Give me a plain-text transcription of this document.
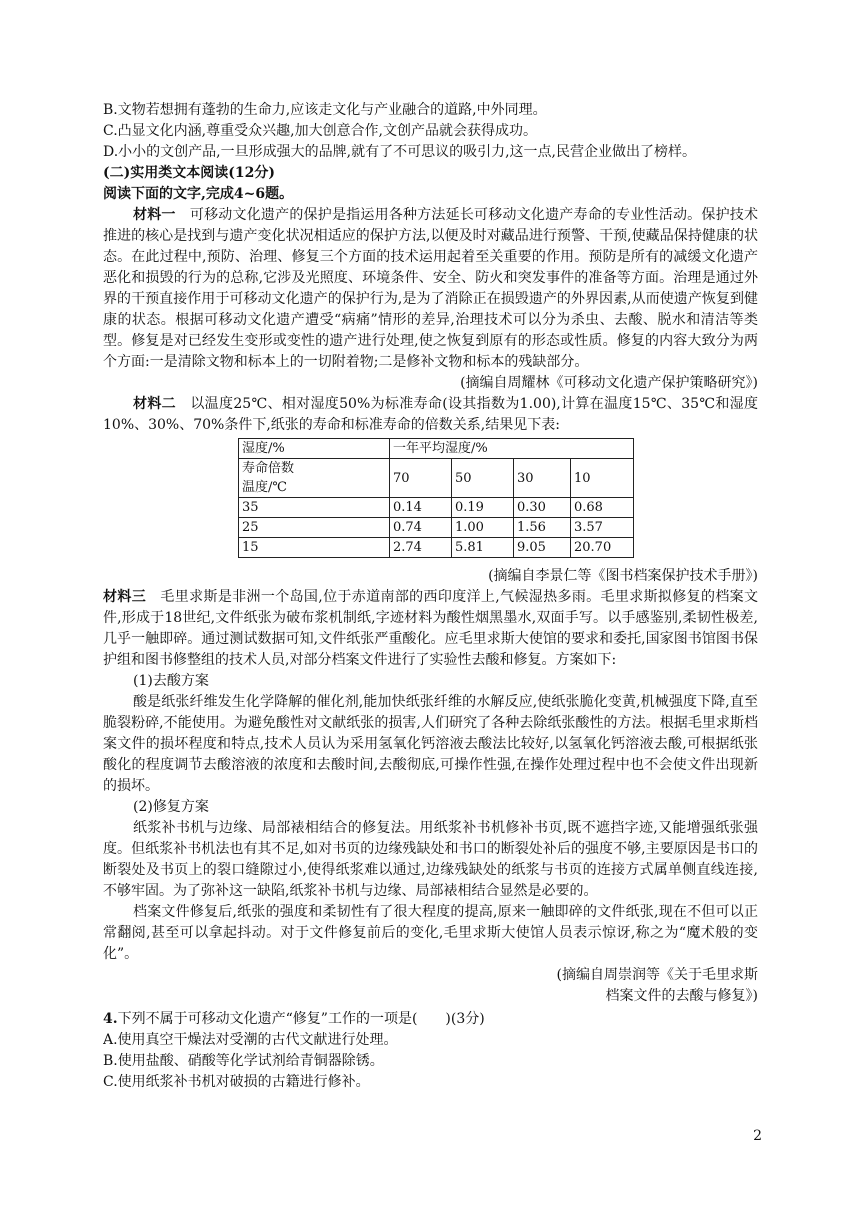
B.文物若想拥有蓬勃的生命力,应该走文化与产业融合的道路,中外同理。
C.凸显文化内涵,尊重受众兴趣,加大创意合作,文创产品就会获得成功。
D.小小的文创产品,一旦形成强大的品牌,就有了不可思议的吸引力,这一点,民营企业做出了榜样。
(二)实用类文本阅读(12分)
阅读下面的文字,完成4~6题。
材料一　 可移动文化遗产的保护是指运用各种方法延长可移动文化遗产寿命的专业性活动。保护技术推进的核心是找到与遗产变化状况相适应的保护方法,以便及时对藏品进行预警、干预,使藏品保持健康的状态。在此过程中,预防、治理、修复三个方面的技术运用起着至关重要的作用。预防是所有的减缓文化遗产恶化和损毁的行为的总称,它涉及光照度、环境条件、安全、防火和突发事件的准备等方面。治理是通过外界的干预直接作用于可移动文化遗产的保护行为,是为了消除正在损毁遗产的外界因素,从而使遗产恢复到健康的状态。根据可移动文化遗产遭受“病痛”情形的差异,治理技术可以分为杀虫、去酸、脱水和清洁等类型。修复是对已经发生变形或变性的遗产进行处理,使之恢复到原有的形态或性质。修复的内容大致分为两个方面:一是清除文物和标本上的一切附着物;二是修补文物和标本的残缺部分。
(摘编自周耀林《可移动文化遗产保护策略研究》)
材料二　 以温度25℃、相对湿度50%为标准寿命(设其指数为1.00),计算在温度15℃、35℃和湿度10%、30%、70%条件下,纸张的寿命和标准寿命的倍数关系,结果见下表:
湿度/%	一年平均湿度/%			

寿命倍数
温度/℃	70	50	30	10
35	0.14	0.19	0.30	0.68
25	0.74	1.00	1.56	3.57
15	2.74	5.81	9.05	20.70
(摘编自李景仁等《图书档案保护技术手册》)
材料三　 毛里求斯是非洲一个岛国,位于赤道南部的西印度洋上,气候湿热多雨。毛里求斯拟修复的档案文件,形成于18世纪,文件纸张为破布浆机制纸,字迹材料为酸性烟黑墨水,双面手写。以手感鉴别,柔韧性极差,几乎一触即碎。通过测试数据可知,文件纸张严重酸化。应毛里求斯大使馆的要求和委托,国家图书馆图书保护组和图书修整组的技术人员,对部分档案文件进行了实验性去酸和修复。方案如下:
(1)去酸方案
酸是纸张纤维发生化学降解的催化剂,能加快纸张纤维的水解反应,使纸张脆化变黄,机械强度下降,直至脆裂粉碎,不能使用。为避免酸性对文献纸张的损害,人们研究了各种去除纸张酸性的方法。根据毛里求斯档案文件的损坏程度和特点,技术人员认为采用氢氧化钙溶液去酸法比较好,以氢氧化钙溶液去酸,可根据纸张酸化的程度调节去酸溶液的浓度和去酸时间,去酸彻底,可操作性强,在操作处理过程中也不会使文件出现新的损坏。
(2)修复方案
纸浆补书机与边缘、局部裱相结合的修复法。用纸浆补书机修补书页,既不遮挡字迹,又能增强纸张强度。但纸浆补书机法也有其不足,如对书页的边缘残缺处和书口的断裂处补后的强度不够,主要原因是书口的断裂处及书页上的裂口缝隙过小,使得纸浆难以通过,边缘残缺处的纸浆与书页的连接方式属单侧直线连接,不够牢固。为了弥补这一缺陷,纸浆补书机与边缘、局部裱相结合显然是必要的。
档案文件修复后,纸张的强度和柔韧性有了很大程度的提高,原来一触即碎的文件纸张,现在不但可以正常翻阅,甚至可以拿起抖动。对于文件修复前后的变化,毛里求斯大使馆人员表示惊讶,称之为“魔术般的变化”。
(摘编自周崇润等《关于毛里求斯
档案文件的去酸与修复》)
4.下列不属于可移动文化遗产“修复”工作的一项是(　　)(3分)
A.使用真空干燥法对受潮的古代文献进行处理。
B.使用盐酸、硝酸等化学试剂给青铜器除锈。
C.使用纸浆补书机对破损的古籍进行修补。
2
